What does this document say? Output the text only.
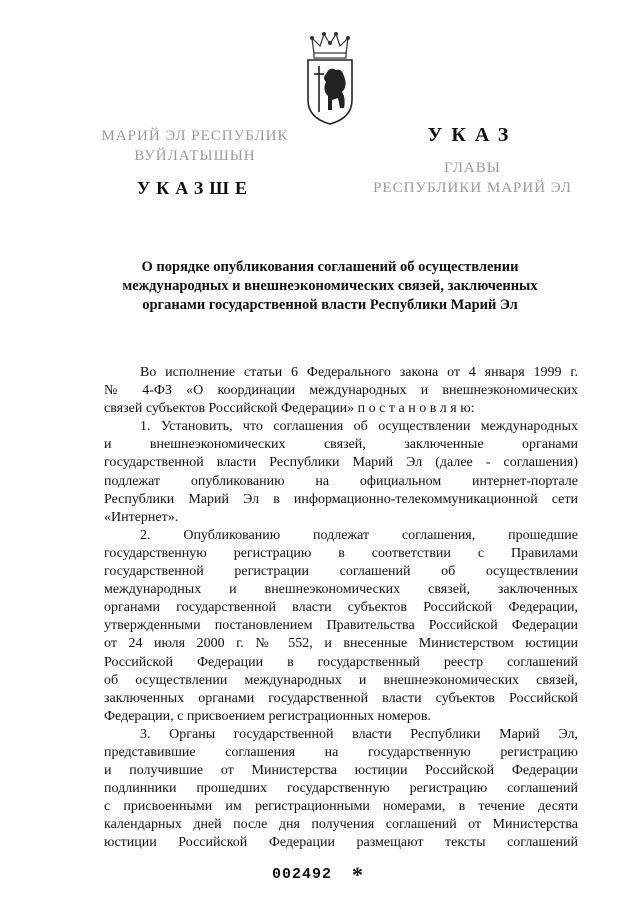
МАРИЙ ЭЛ РЕСПУБЛИК
ВУЙЛАТЫШЫН
УКАЗШЕ
УКАЗ
ГЛАВЫ
РЕСПУБЛИКИ МАРИЙ ЭЛ
О порядке опубликования соглашений об осуществлении
международных и внешнеэкономических связей, заключенных
органами государственной власти Республики Марий Эл
Во исполнение статьи 6 Федерального закона от 4 января 1999 г.
№ 4-ФЗ «О координации международных и внешнеэкономических
связей субъектов Российской Федерации» п о с т а н о в л я ю:
1. Установить, что соглашения об осуществлении международных
и внешнеэкономических связей, заключенные органами
государственной власти Республики Марий Эл (далее - соглашения)
подлежат опубликованию на официальном интернет-портале
Республики Марий Эл в информационно-телекоммуникационной сети
«Интернет».
2. Опубликованию подлежат соглашения, прошедшие
государственную регистрацию в соответствии с Правилами
государственной регистрации соглашений об осуществлении
международных и внешнеэкономических связей, заключенных
органами государственной власти субъектов Российской Федерации,
утвержденными постановлением Правительства Российской Федерации
от 24 июля 2000 г. № 552, и внесенные Министерством юстиции
Российской Федерации в государственный реестр соглашений
об осуществлении международных и внешнеэкономических связей,
заключенных органами государственной власти субъектов Российской
Федерации, с присвоением регистрационных номеров.
3. Органы государственной власти Республики Марий Эл,
представившие соглашения на государственную регистрацию
и получившие от Министерства юстиции Российской Федерации
подлинники прошедших государственную регистрацию соглашений
с присвоенными им регистрационными номерами, в течение десяти
календарных дней после дня получения соглашений от Министерства
юстиции Российской Федерации размещают тексты соглашений
002492 *
